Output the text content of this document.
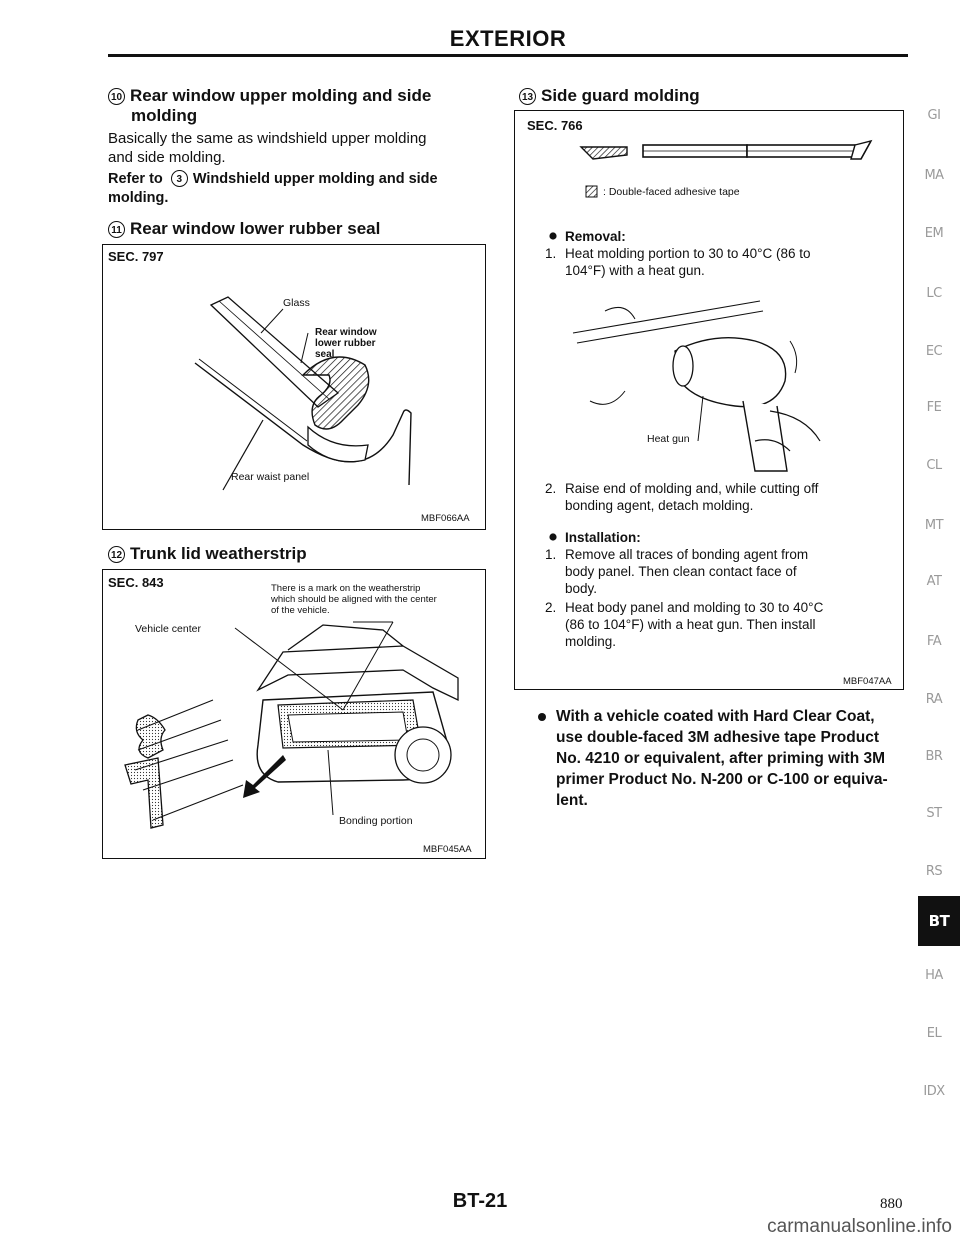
EXTERIOR
10 Rear window upper molding and side
molding
Basically the same as windshield upper molding
and side molding.
Refer to 3 Windshield upper molding and side
molding.
11 Rear window lower rubber seal
SEC. 797
Glass
Rear window
lower rubber
seal
Rear waist panel
MBF066AA
12 Trunk lid weatherstrip
SEC. 843	There is a mark on the weatherstrip
which should be aligned with the center
of the vehicle.
Vehicle center
Bonding portion
MBF045AA
13 Side guard molding
SEC. 766
: Double-faced adhesive tape
Removal:
1. Heat molding portion to 30 to 40°C (86 to
104°F) with a heat gun.
Heat gun
2. Raise end of molding and, while cutting off
bonding agent, detach molding.
Installation:
1. Remove all traces of bonding agent from
body panel. Then clean contact face of
body.
2. Heat body panel and molding to 30 to 40°C
(86 to 104°F) with a heat gun. Then install
molding.
MBF047AA
With a vehicle coated with Hard Clear Coat,
use double-faced 3M adhesive tape Product
No. 4210 or equivalent, after priming with 3M
primer Product No. N-200 or C-100 or equiva-
lent.
GI
MA
EM
LC
EC
FE
CL
MT
AT
FA
RA
BR
ST
RS
BT
HA
EL
IDX
BT-21	880
carmanualsonline.info
